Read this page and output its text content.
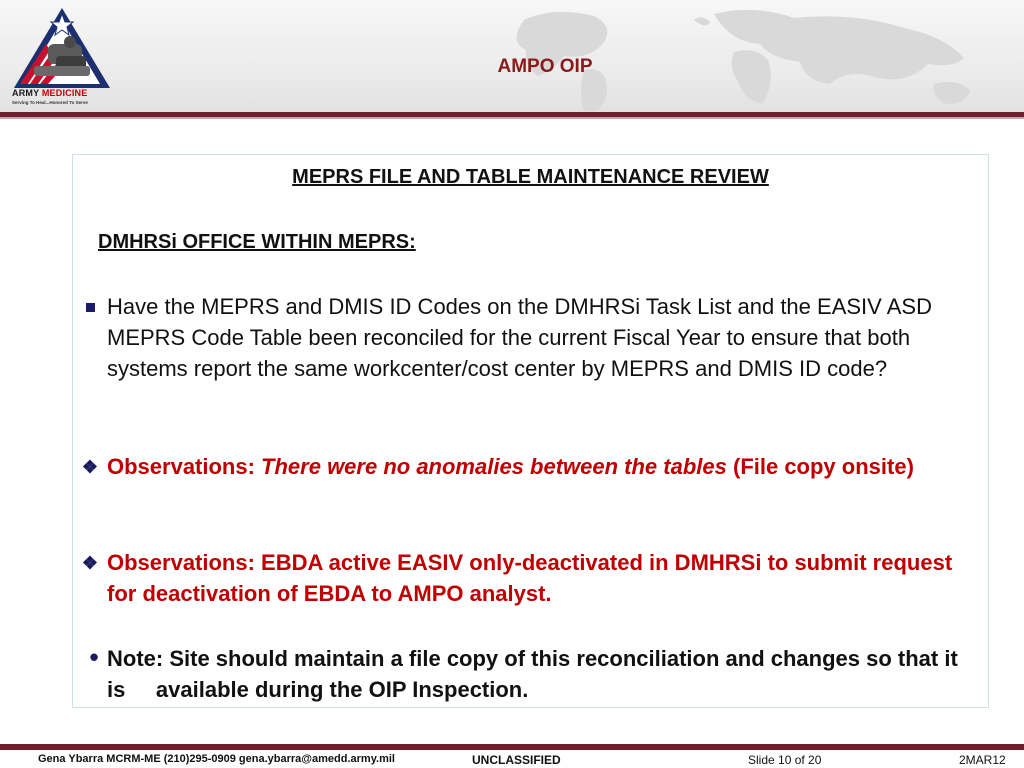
ARMY MEDICINE
Serving To Heal...Honored To Serve
AMPO OIP
MEPRS FILE AND TABLE MAINTENANCE REVIEW
DMHRSi OFFICE WITHIN MEPRS:
Have the MEPRS and DMIS ID Codes on the DMHRSi Task List and the EASIV ASD MEPRS Code Table been reconciled for the current Fiscal Year to ensure that both systems report the same workcenter/cost center by MEPRS and DMIS ID code?
❖ Observations: There were no anomalies between the tables (File copy onsite)
❖ Observations: EBDA active EASIV only-deactivated in DMHRSi to submit request for deactivation of EBDA to AMPO analyst.
• Note: Site should maintain a file copy of this reconciliation and changes so that it is     available during the OIP Inspection.
Gena Ybarra MCRM-ME (210)295-0909 gena.ybarra@amedd.army.mil	UNCLASSIFIED	Slide 10 of 20	2MAR12
